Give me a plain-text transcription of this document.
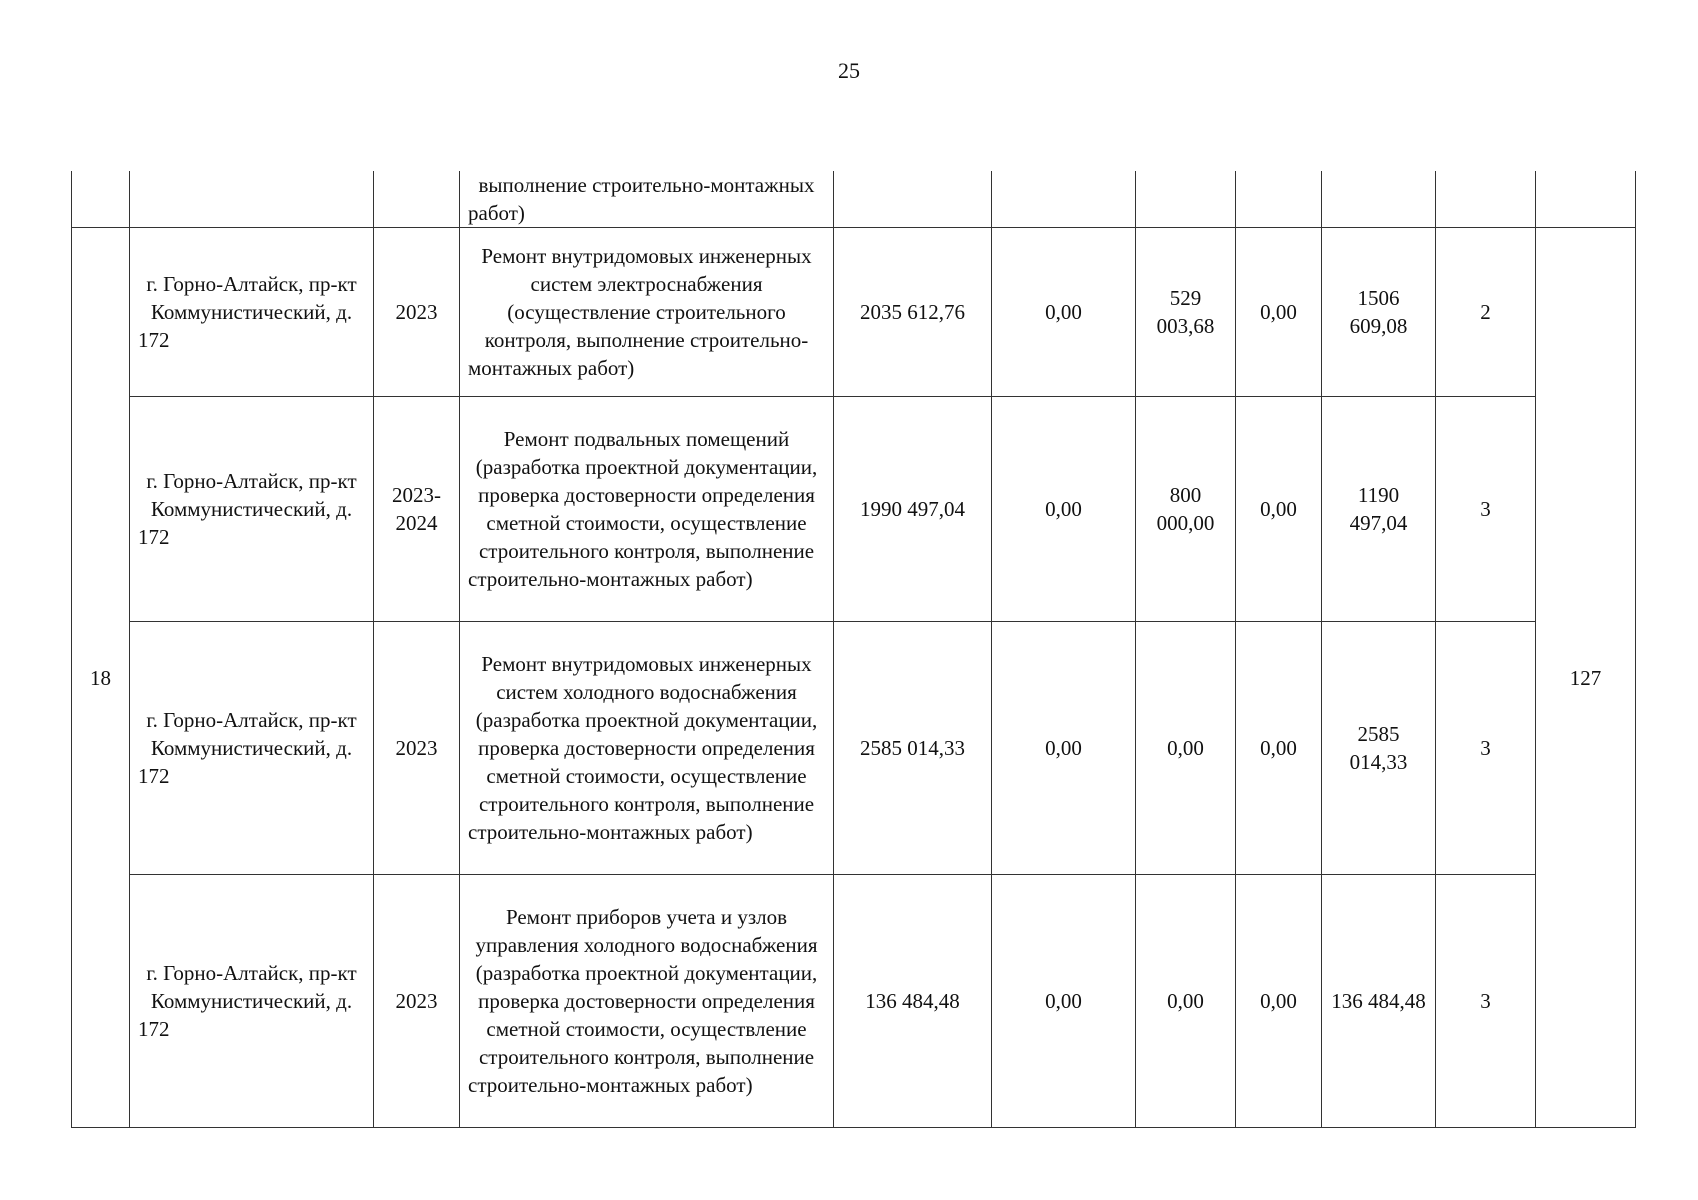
25
			выполнение строительно-монтажных работ)							
18	г. Горно-Алтайск, пр-кт Коммунистический, д. 172	2023	Ремонт внутридомовых инженерных систем электроснабжения (осуществление строительного контроля, выполнение строительно-монтажных работ)	2035 612,76	0,00	529 003,68	0,00	1506 609,08	2	127
	г. Горно-Алтайск, пр-кт Коммунистический, д. 172	2023-2024	Ремонт подвальных помещений (разработка проектной документации, проверка достоверности определения сметной стоимости, осуществление строительного контроля, выполнение строительно-монтажных работ)	1990 497,04	0,00	800 000,00	0,00	1190 497,04	3	
	г. Горно-Алтайск, пр-кт Коммунистический, д. 172	2023	Ремонт внутридомовых инженерных систем холодного водоснабжения (разработка проектной документации, проверка достоверности определения сметной стоимости, осуществление строительного контроля, выполнение строительно-монтажных работ)	2585 014,33	0,00	0,00	0,00	2585 014,33	3	
	г. Горно-Алтайск, пр-кт Коммунистический, д. 172	2023	Ремонт приборов учета и узлов управления холодного водоснабжения (разработка проектной документации, проверка достоверности определения сметной стоимости, осуществление строительного контроля, выполнение строительно-монтажных работ)	136 484,48	0,00	0,00	0,00	136 484,48	3	
